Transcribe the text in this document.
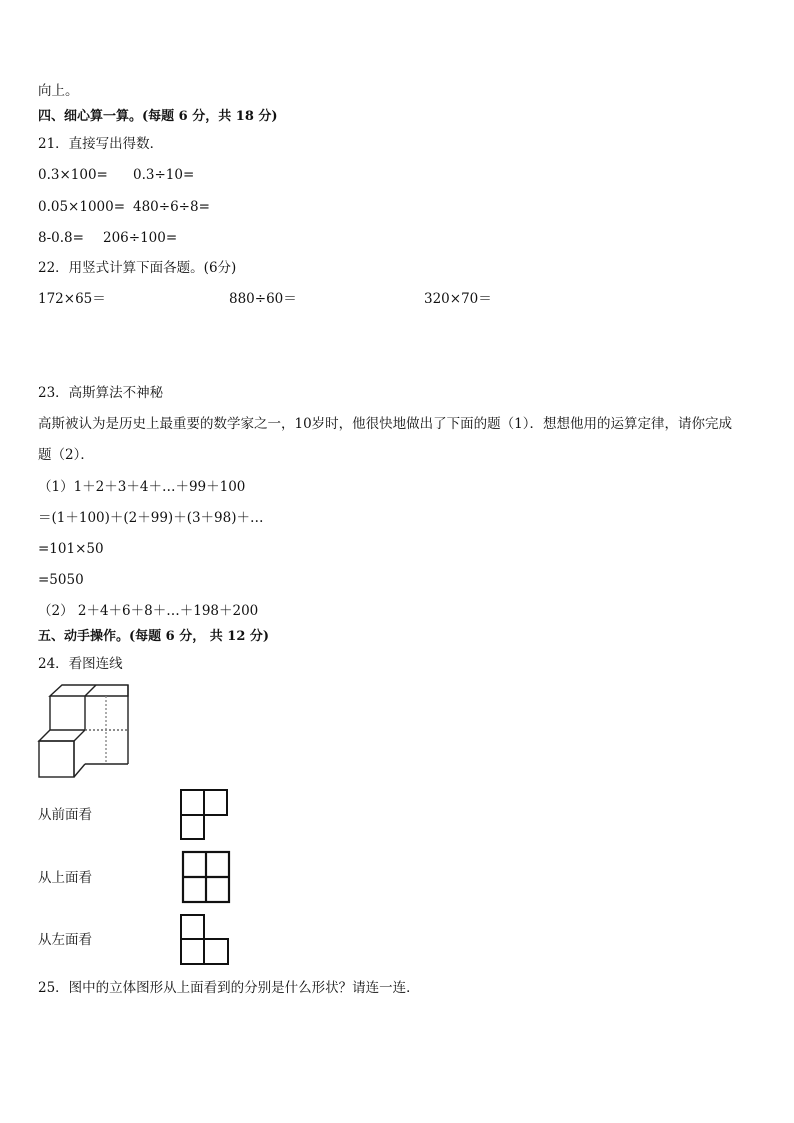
向上。
四、细心算一算。(每题 6 分，共 18 分)
21．直接写出得数．
0.3×100= 0.3÷10=
0.05×1000= 480÷6÷8=
8-0.8= 206÷100=
22．用竖式计算下面各题。(6分)
172×65＝	880÷60＝	320×70＝
23．高斯算法不神秘
高斯被认为是历史上最重要的数学家之一，10岁时，他很快地做出了下面的题（1）．想想他用的运算定律，请你完成
题（2）．
（1）1＋2＋3＋4＋…＋99＋100
＝(1＋100)＋(2＋99)＋(3＋98)＋…
=101×50
=5050
（2） 2＋4＋6＋8＋…＋198＋200
五、动手操作。(每题 6 分， 共 12 分)
24．看图连线
从前面看
从上面看
从左面看
25．图中的立体图形从上面看到的分别是什么形状？请连一连．
